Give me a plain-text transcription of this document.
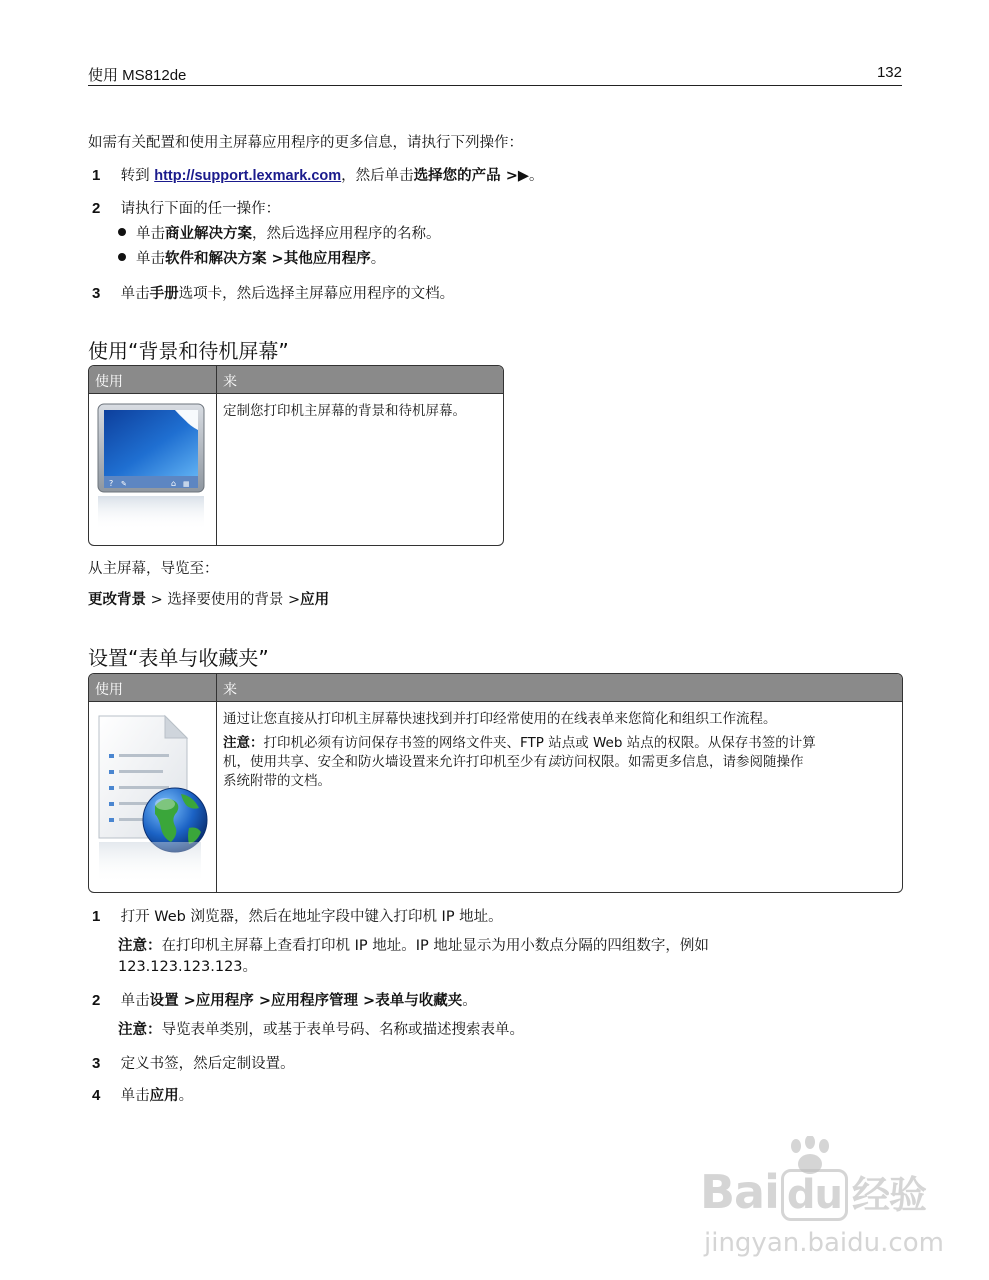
使用 MS812de	132
如需有关配置和使用主屏幕应用程序的更多信息，请执行下列操作：
1 转到 http://support.lexmark.com，然后单击选择您的产品 >▶。
2 请执行下面的任一操作：
单击商业解决方案，然后选择应用程序的名称。
单击软件和解决方案 >其他应用程序。
3 单击手册选项卡，然后选择主屏幕应用程序的文档。
使用“背景和待机屏幕”
使用	来
定制您打印机主屏幕的背景和待机屏幕。
? ✎	⌂ ▦
从主屏幕，导览至：
更改背景 > 选择要使用的背景 >应用
设置“表单与收藏夹”
使用	来
通过让您直接从打印机主屏幕快速找到并打印经常使用的在线表单来您简化和组织工作流程。
注意：打印机必须有访问保存书签的网络文件夹、FTP 站点或 Web 站点的权限。从保存书签的计算
机，使用共享、安全和防火墙设置来允许打印机至少有读访问权限。如需更多信息，请参阅随操作
系统附带的文档。
1 打开 Web 浏览器，然后在地址字段中键入打印机 IP 地址。
注意：在打印机主屏幕上查看打印机 IP 地址。IP 地址显示为用小数点分隔的四组数字，例如
123.123.123.123。
2 单击设置 >应用程序 >应用程序管理 >表单与收藏夹。
注意：导览表单类别，或基于表单号码、名称或描述搜索表单。
3 定义书签，然后定制设置。
4 单击应用。
Bai du 经验
jingyan.baidu.com
